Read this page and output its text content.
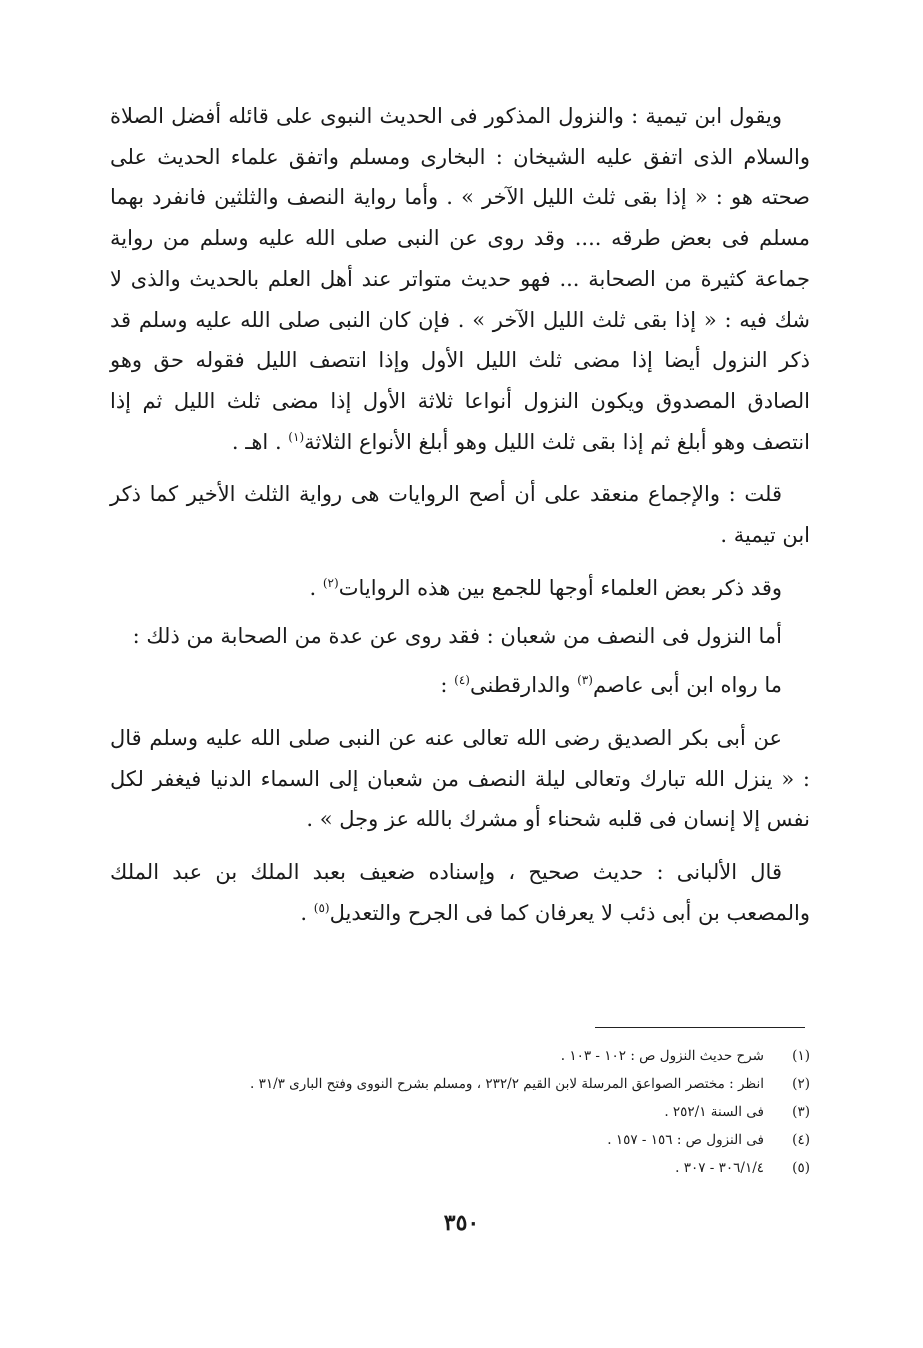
ويقول ابن تيمية : والنزول المذكور فى الحديث النبوى على قائله أفضل الصلاة والسلام الذى اتفق عليه الشيخان : البخارى ومسلم واتفق علماء الحديث على صحته هو : « إذا بقى ثلث الليل الآخر » . وأما رواية النصف والثلثين فانفرد بهما مسلم فى بعض طرقه .... وقد روى عن النبى صلى الله عليه وسلم من رواية جماعة كثيرة من الصحابة ... فهو حديث متواتر عند أهل العلم بالحديث والذى لا شك فيه : « إذا بقى ثلث الليل الآخر » . فإن كان النبى صلى الله عليه وسلم قد ذكر النزول أيضا إذا مضى ثلث الليل الأول وإذا انتصف الليل فقوله حق وهو الصادق المصدوق ويكون النزول أنواعا ثلاثة الأول إذا مضى ثلث الليل ثم إذا انتصف وهو أبلغ ثم إذا بقى ثلث الليل وهو أبلغ الأنواع الثلاثة$^{(١)}$ . اهـ .

قلت : والإجماع منعقد على أن أصح الروايات هى رواية الثلث الأخير كما ذكر ابن تيمية .

وقد ذكر بعض العلماء أوجها للجمع بين هذه الروايات$^{(٢)}$ .

أما النزول فى النصف من شعبان : فقد روى عن عدة من الصحابة من ذلك :

ما رواه ابن أبى عاصم$^{(٣)}$ والدارقطنى$^{(٤)}$ :

عن أبى بكر الصديق رضى الله تعالى عنه عن النبى صلى الله عليه وسلم قال : « ينزل الله تبارك وتعالى ليلة النصف من شعبان إلى السماء الدنيا فيغفر لكل نفس إلا إنسان فى قلبه شحناء أو مشرك بالله عز وجل » .

قال الألبانى : حديث صحيح ، وإسناده ضعيف بعبد الملك بن عبد الملك والمصعب بن أبى ذئب لا يعرفان كما فى الجرح والتعديل$^{(٥)}$ .

(١)
شرح حديث النزول ص : ١٠٢ - ١٠٣ .
(٢)
انظر : مختصر الصواعق المرسلة لابن القيم ٢٣٢/٢ ، ومسلم بشرح النووى وفتح البارى ٣١/٣ .
(٣)
فى السنة ٢٥٢/١ .
(٤)
فى النزول ص : ١٥٦ - ١٥٧ .
(٥)
٣٠٦/١/٤ - ٣٠٧ .
٣٥٠
